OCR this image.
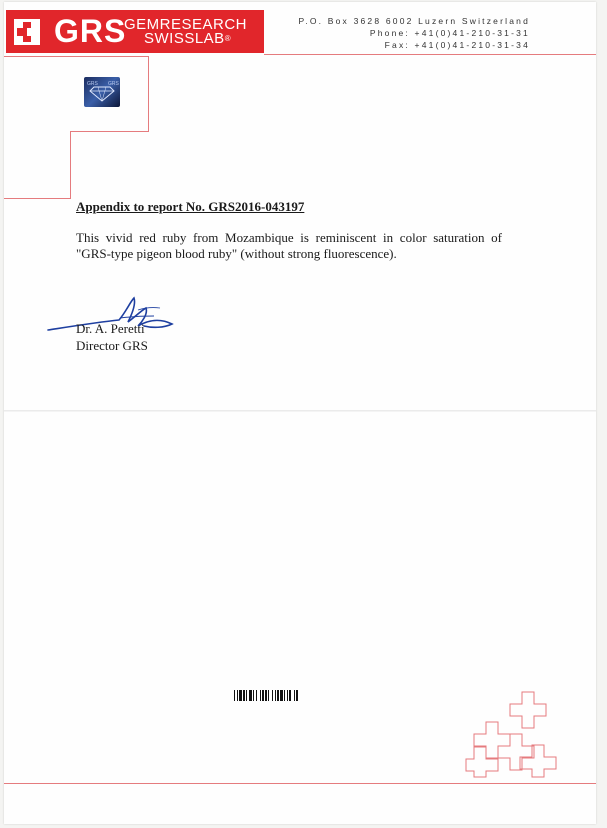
GRS
GEMRESEARCH
SWISSLAB®
P.O. Box 3628 6002 Luzern Switzerland
Phone: +41(0)41-210-31-31
Fax: +41(0)41-210-31-34
GRS GRS
Appendix to report No. GRS2016-043197
This vivid red ruby from Mozambique is reminiscent in color saturation of "GRS-type pigeon blood ruby" (without strong fluorescence).
Dr. A. Peretti
Director GRS
